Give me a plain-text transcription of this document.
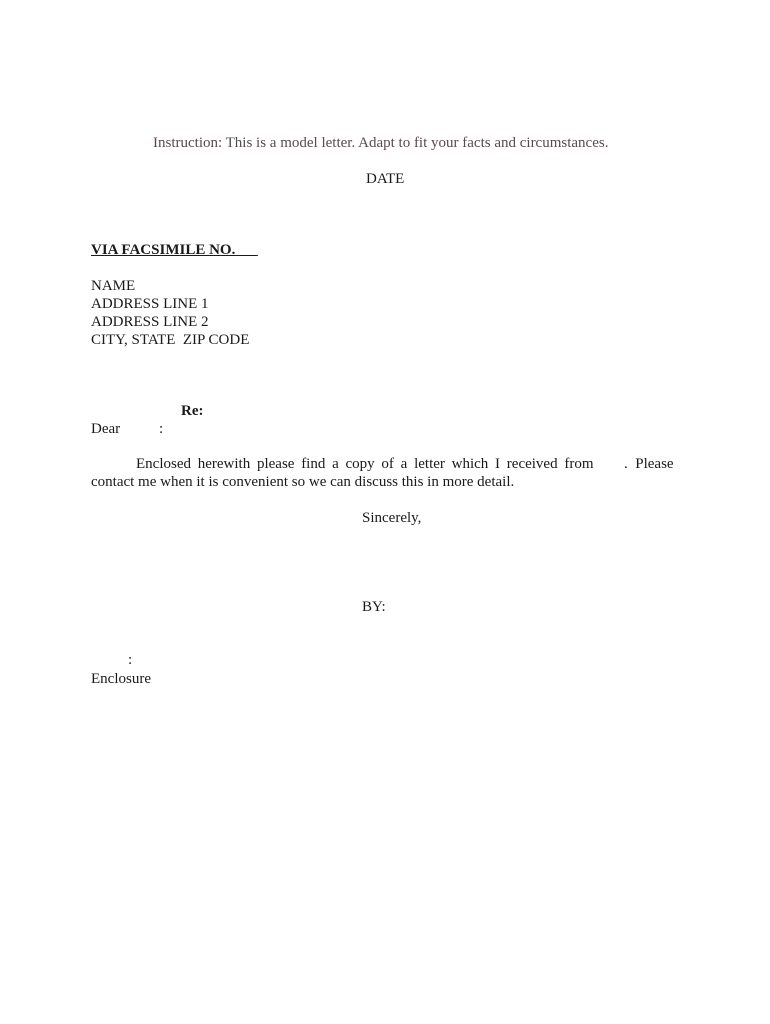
Instruction: This is a model letter. Adapt to fit your facts and circumstances.
DATE
VIA FACSIMILE NO.
NAME
ADDRESS LINE 1
ADDRESS LINE 2
CITY, STATE  ZIP CODE
Re:
Dear	:
Enclosed herewith please find a copy of a letter which I received from .  Please
contact me when it is convenient so we can discuss this in more detail.
Sincerely,
BY:
:
Enclosure
